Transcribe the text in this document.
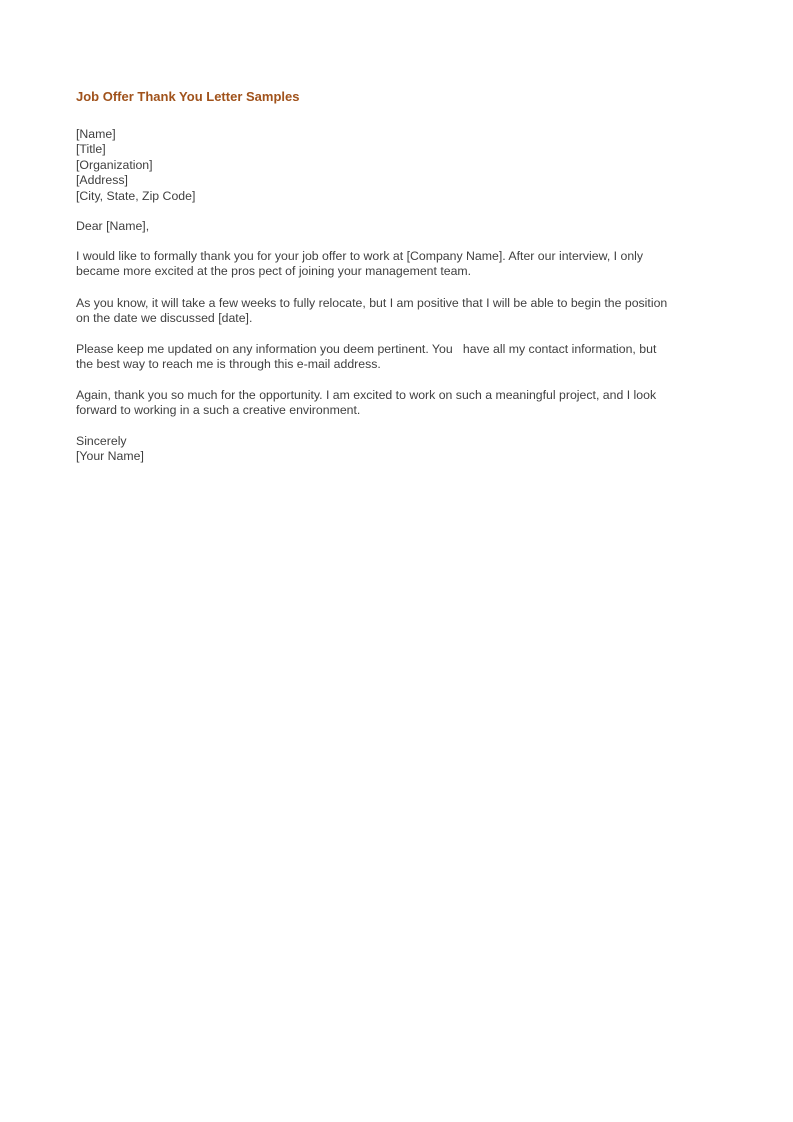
Job Offer Thank You Letter Samples
[Name]
[Title]
[Organization]
[Address]
[City, State, Zip Code]
Dear [Name],
I would like to formally thank you for your job offer to work at [Company Name]. After our interview, I only
became more excited at the pros pect of joining your management team.
As you know, it will take a few weeks to fully relocate, but I am positive that I will be able to begin the position
on the date we discussed [date].
Please keep me updated on any information you deem pertinent. You   have all my contact information, but
the best way to reach me is through this e-mail address.
Again, thank you so much for the opportunity. I am excited to work on such a meaningful project, and I look
forward to working in a such a creative environment.
Sincerely
[Your Name]
